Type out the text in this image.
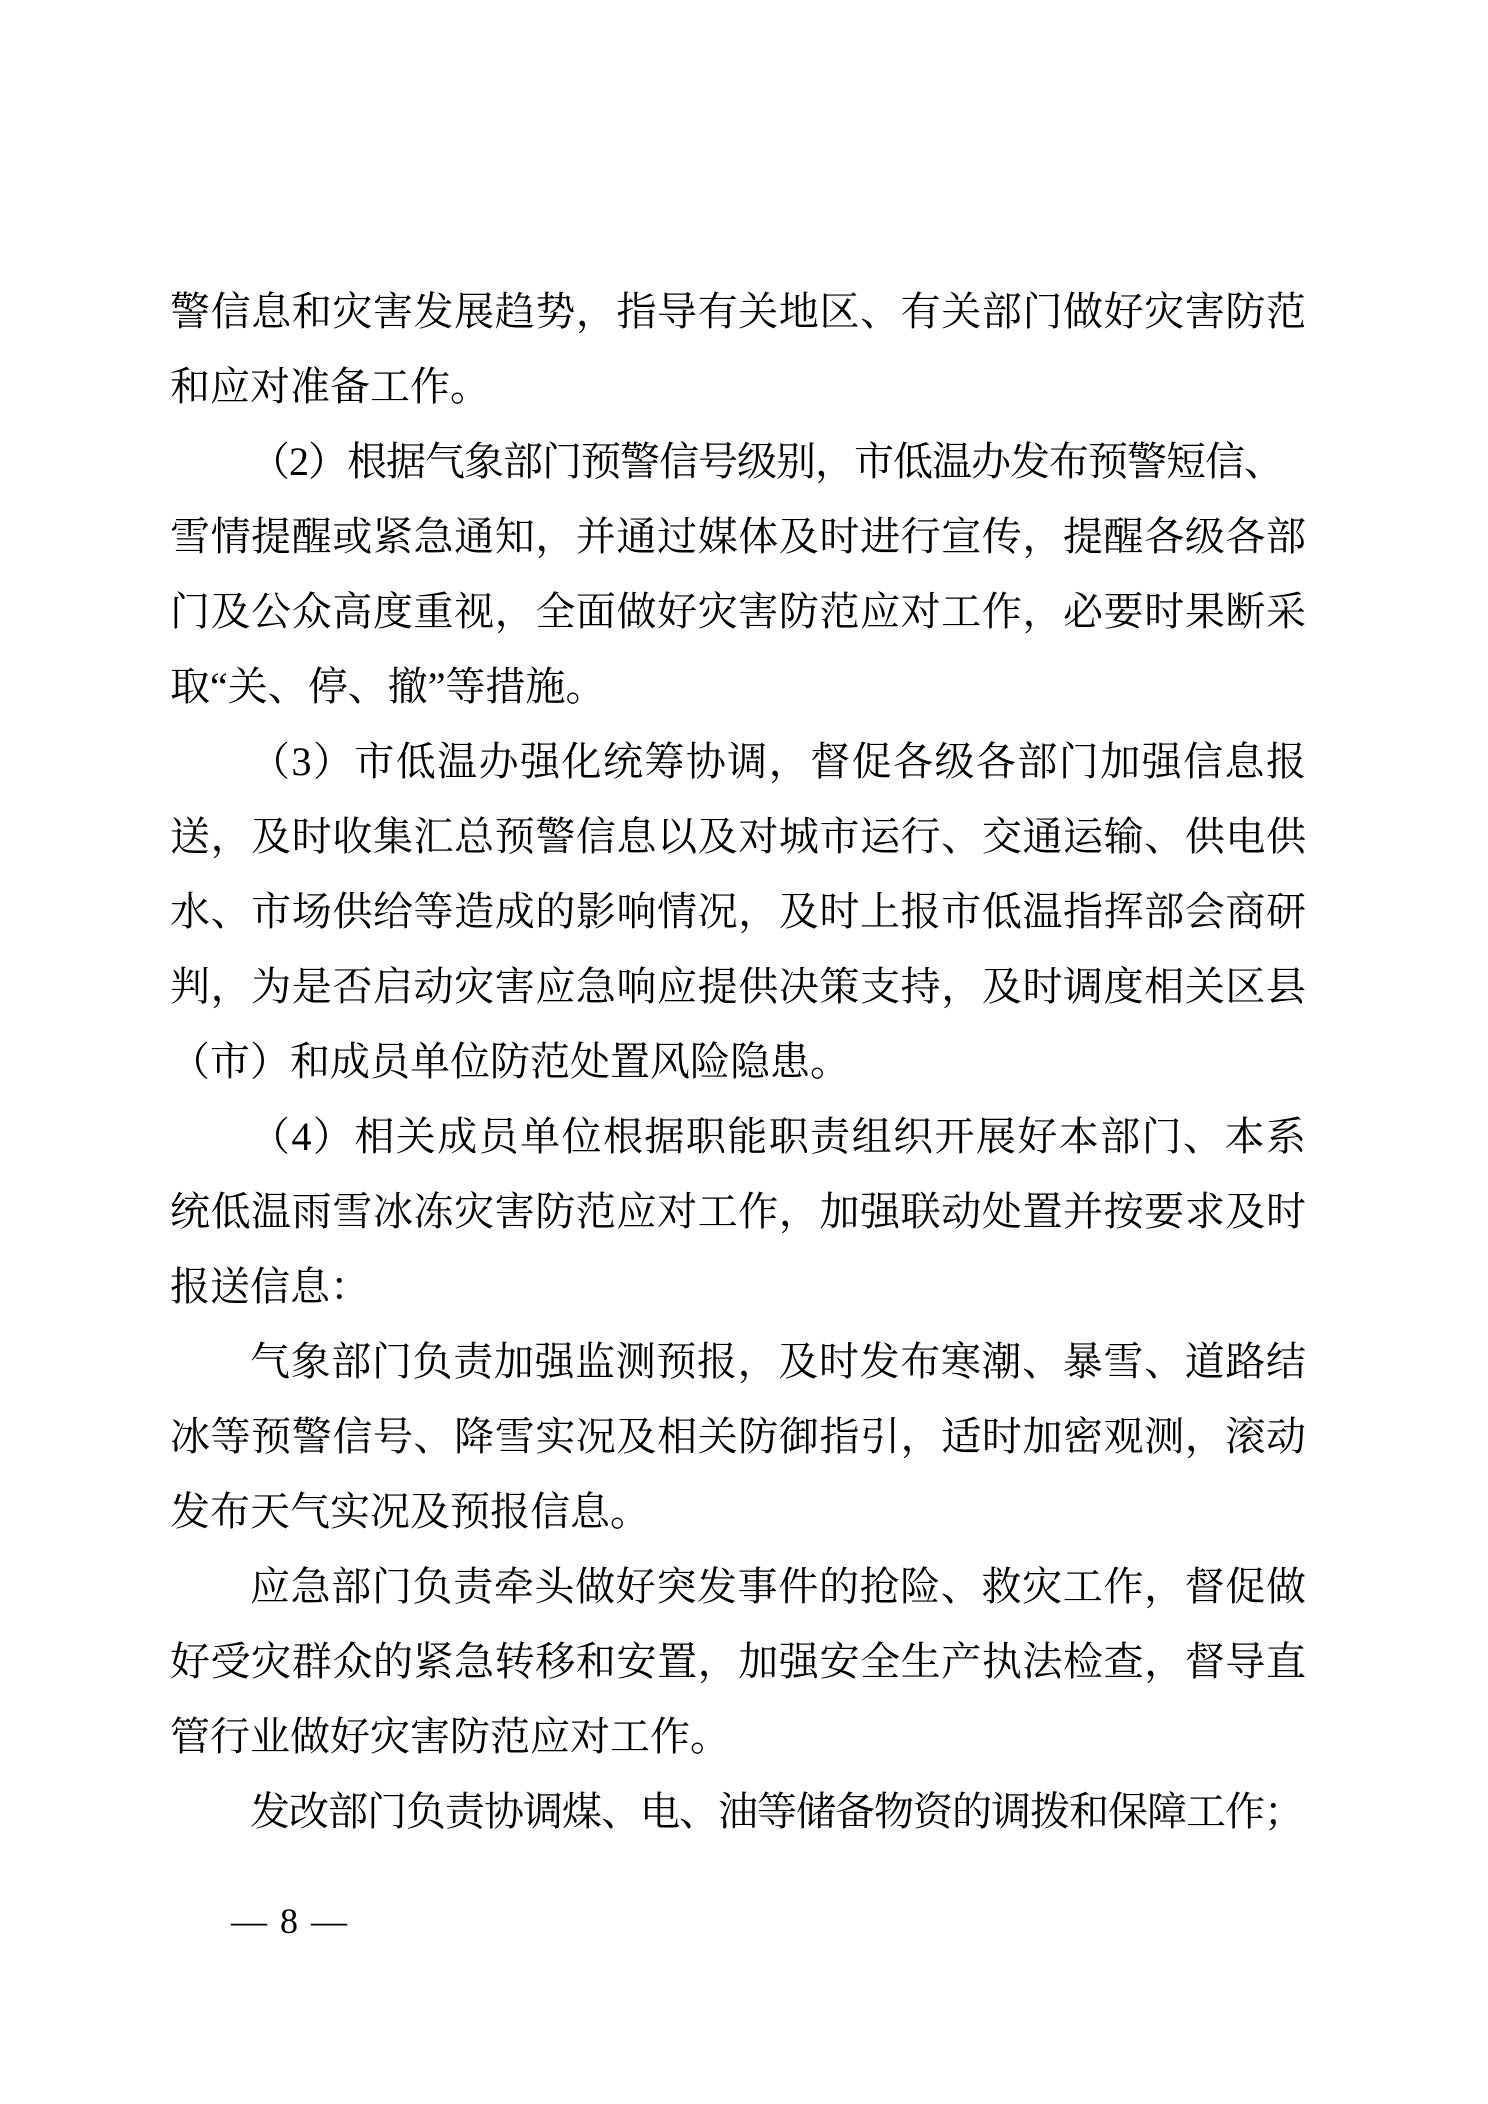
警信息和灾害发展趋势，指导有关地区、有关部门做好灾害防范
和应对准备工作。
（2）根据气象部门预警信号级别，市低温办发布预警短信、
雪情提醒或紧急通知，并通过媒体及时进行宣传，提醒各级各部
门及公众高度重视，全面做好灾害防范应对工作，必要时果断采
取“关、停、撤”等措施。
（3）市低温办强化统筹协调，督促各级各部门加强信息报
送，及时收集汇总预警信息以及对城市运行、交通运输、供电供
水、市场供给等造成的影响情况，及时上报市低温指挥部会商研
判，为是否启动灾害应急响应提供决策支持，及时调度相关区县
（市）和成员单位防范处置风险隐患。
（4）相关成员单位根据职能职责组织开展好本部门、本系
统低温雨雪冰冻灾害防范应对工作，加强联动处置并按要求及时
报送信息：
气象部门负责加强监测预报，及时发布寒潮、暴雪、道路结
冰等预警信号、降雪实况及相关防御指引，适时加密观测，滚动
发布天气实况及预报信息。
应急部门负责牵头做好突发事件的抢险、救灾工作，督促做
好受灾群众的紧急转移和安置，加强安全生产执法检查，督导直
管行业做好灾害防范应对工作。
发改部门负责协调煤、电、油等储备物资的调拨和保障工作；
— 8 —
